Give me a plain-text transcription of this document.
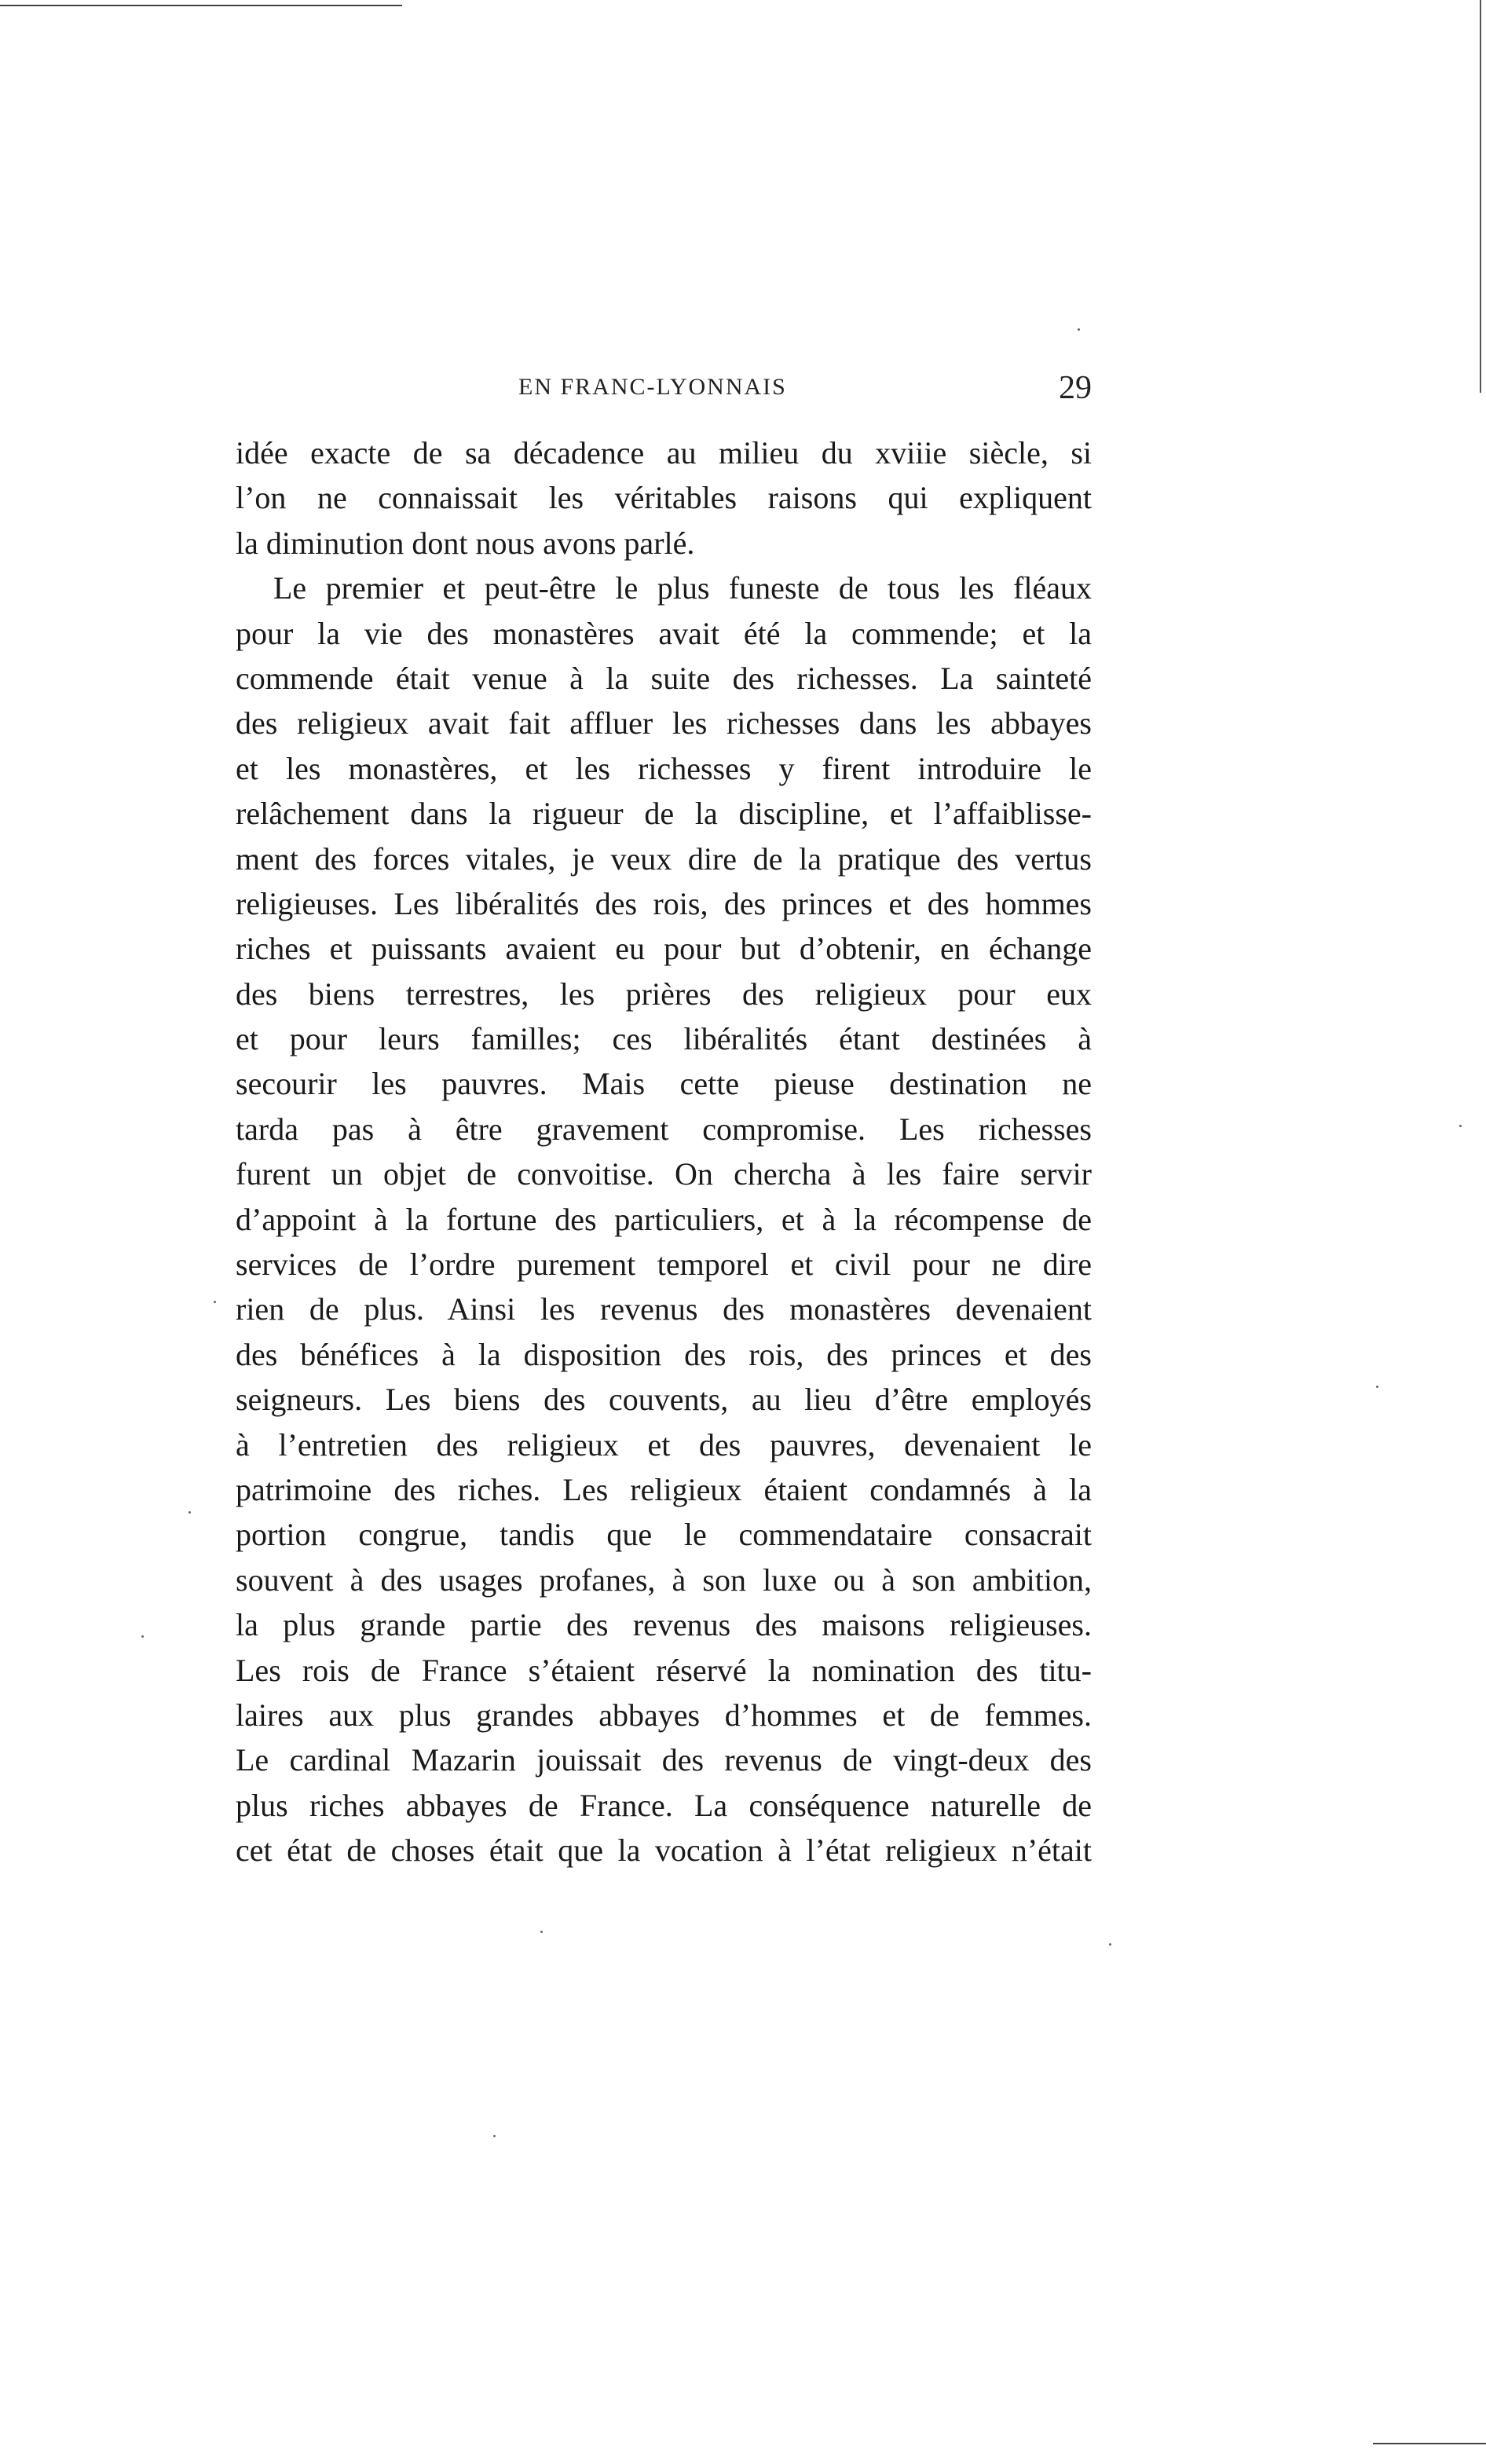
EN FRANC-LYONNAIS	29
idée exacte de sa décadence au milieu du xviiie siècle, si
l’on ne connaissait les véritables raisons qui expliquent
la diminution dont nous avons parlé.
Le premier et peut-être le plus funeste de tous les fléaux
pour la vie des monastères avait été la commende; et la
commende était venue à la suite des richesses. La sainteté
des religieux avait fait affluer les richesses dans les abbayes
et les monastères, et les richesses y firent introduire le
relâchement dans la rigueur de la discipline, et l’affaiblisse-
ment des forces vitales, je veux dire de la pratique des vertus
religieuses. Les libéralités des rois, des princes et des hommes
riches et puissants avaient eu pour but d’obtenir, en échange
des biens terrestres, les prières des religieux pour eux
et pour leurs familles; ces libéralités étant destinées à
secourir les pauvres. Mais cette pieuse destination ne
tarda pas à être gravement compromise. Les richesses
furent un objet de convoitise. On chercha à les faire servir
d’appoint à la fortune des particuliers, et à la récompense de
services de l’ordre purement temporel et civil pour ne dire
rien de plus. Ainsi les revenus des monastères devenaient
des bénéfices à la disposition des rois, des princes et des
seigneurs. Les biens des couvents, au lieu d’être employés
à l’entretien des religieux et des pauvres, devenaient le
patrimoine des riches. Les religieux étaient condamnés à la
portion congrue, tandis que le commendataire consacrait
souvent à des usages profanes, à son luxe ou à son ambition,
la plus grande partie des revenus des maisons religieuses.
Les rois de France s’étaient réservé la nomination des titu-
laires aux plus grandes abbayes d’hommes et de femmes.
Le cardinal Mazarin jouissait des revenus de vingt-deux des
plus riches abbayes de France. La conséquence naturelle de
cet état de choses était que la vocation à l’état religieux n’était
